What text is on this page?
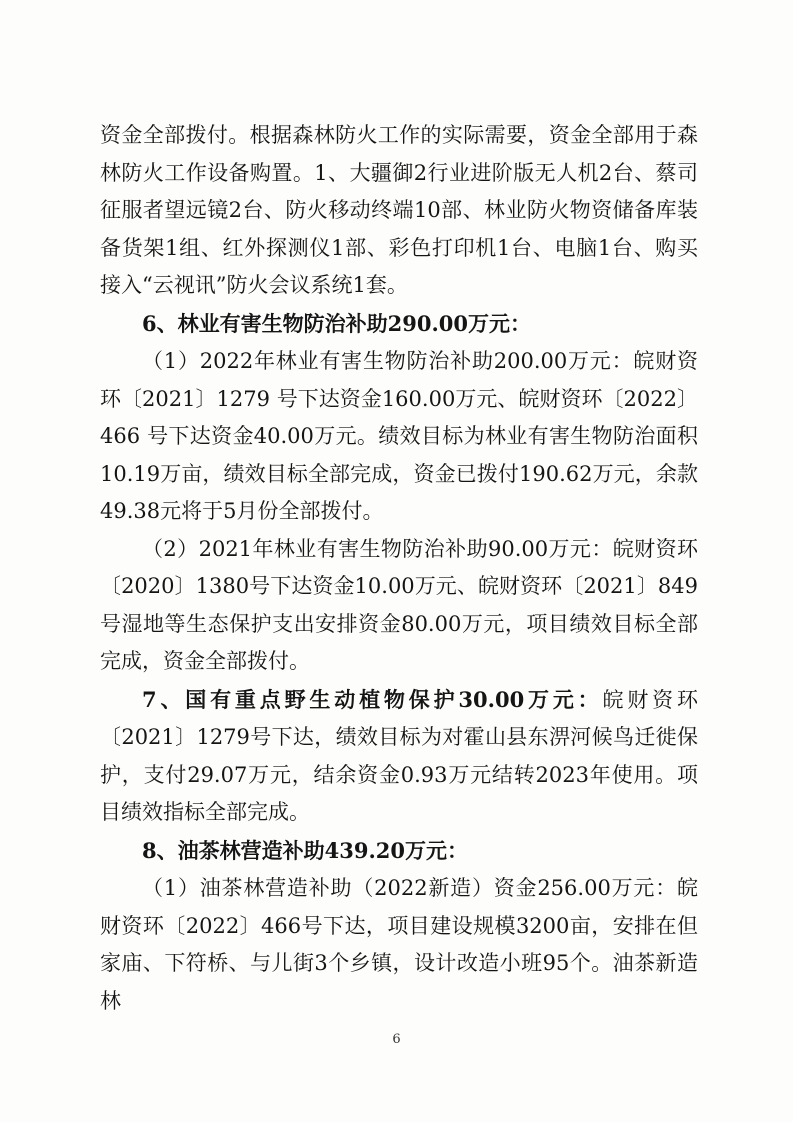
资金全部拨付。根据森林防火工作的实际需要，资金全部用于森林防火工作设备购置。1、大疆御2行业进阶版无人机2台、蔡司征服者望远镜2台、防火移动终端10部、林业防火物资储备库装备货架1组、红外探测仪1部、彩色打印机1台、电脑1台、购买接入“云视讯”防火会议系统1套。

6、林业有害生物防治补助290.00万元：

（1）2022年林业有害生物防治补助200.00万元：皖财资环〔2021〕1279 号下达资金160.00万元、皖财资环〔2022〕466 号下达资金40.00万元。绩效目标为林业有害生物防治面积10.19万亩，绩效目标全部完成，资金已拨付190.62万元，余款49.38元将于5月份全部拨付。

（2）2021年林业有害生物防治补助90.00万元：皖财资环〔2020〕1380号下达资金10.00万元、皖财资环〔2021〕849号湿地等生态保护支出安排资金80.00万元，项目绩效目标全部完成，资金全部拨付。

7、国有重点野生动植物保护30.00万元：皖财资环〔2021〕1279号下达，绩效目标为对霍山县东淠河候鸟迁徙保护，支付29.07万元，结余资金0.93万元结转2023年使用。项目绩效指标全部完成。

8、油茶林营造补助439.20万元：

（1）油茶林营造补助（2022新造）资金256.00万元：皖财资环〔2022〕466号下达，项目建设规模3200亩，安排在但家庙、下符桥、与儿街3个乡镇，设计改造小班95个。油茶新造林

6
